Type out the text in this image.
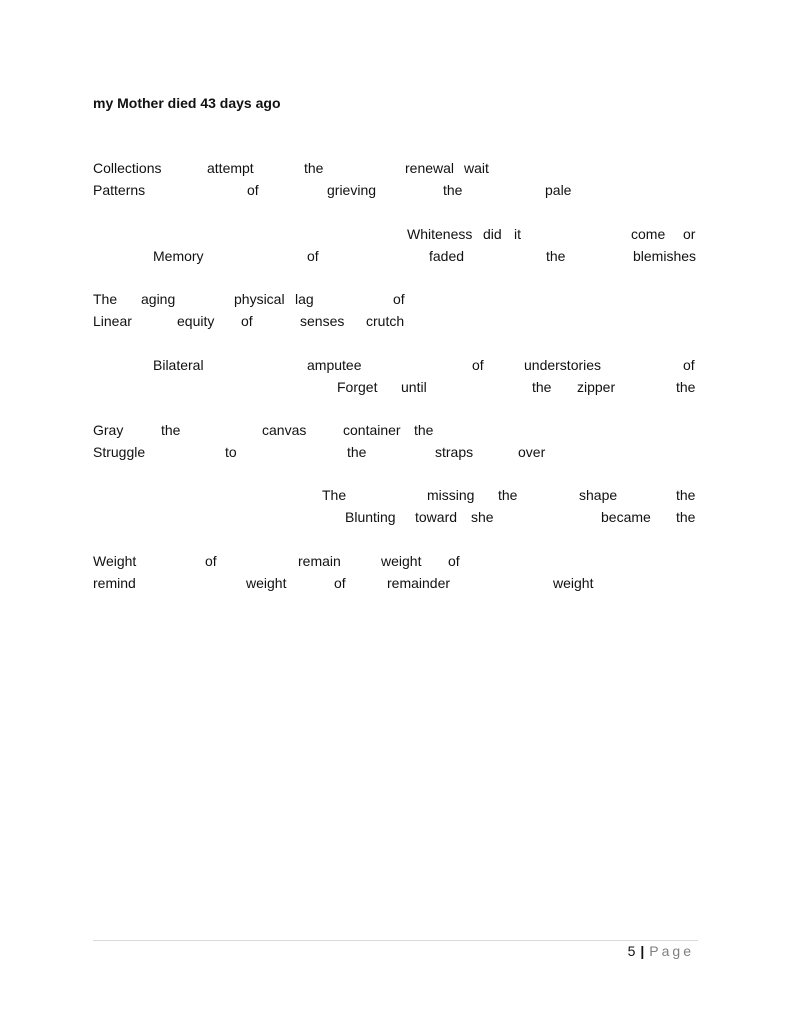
my Mother died 43 days ago
Collections	attempt	the	renewal wait
Patterns	of	grieving	the	pale
Whiteness did it	come or
Memory	of	faded	the	blemishes
The aging	physical lag	of
Linear	equity of	senses crutch
Bilateral	amputee	of	understories	of
Forget until	the zipper	the
Gray	the	canvas	container the
Struggle	to	the	straps	over
The	missing the	shape	the
Blunting toward she	became the
Weight	of	remain	weight of
remind	weight	of	remainder	weight
5 | Page
